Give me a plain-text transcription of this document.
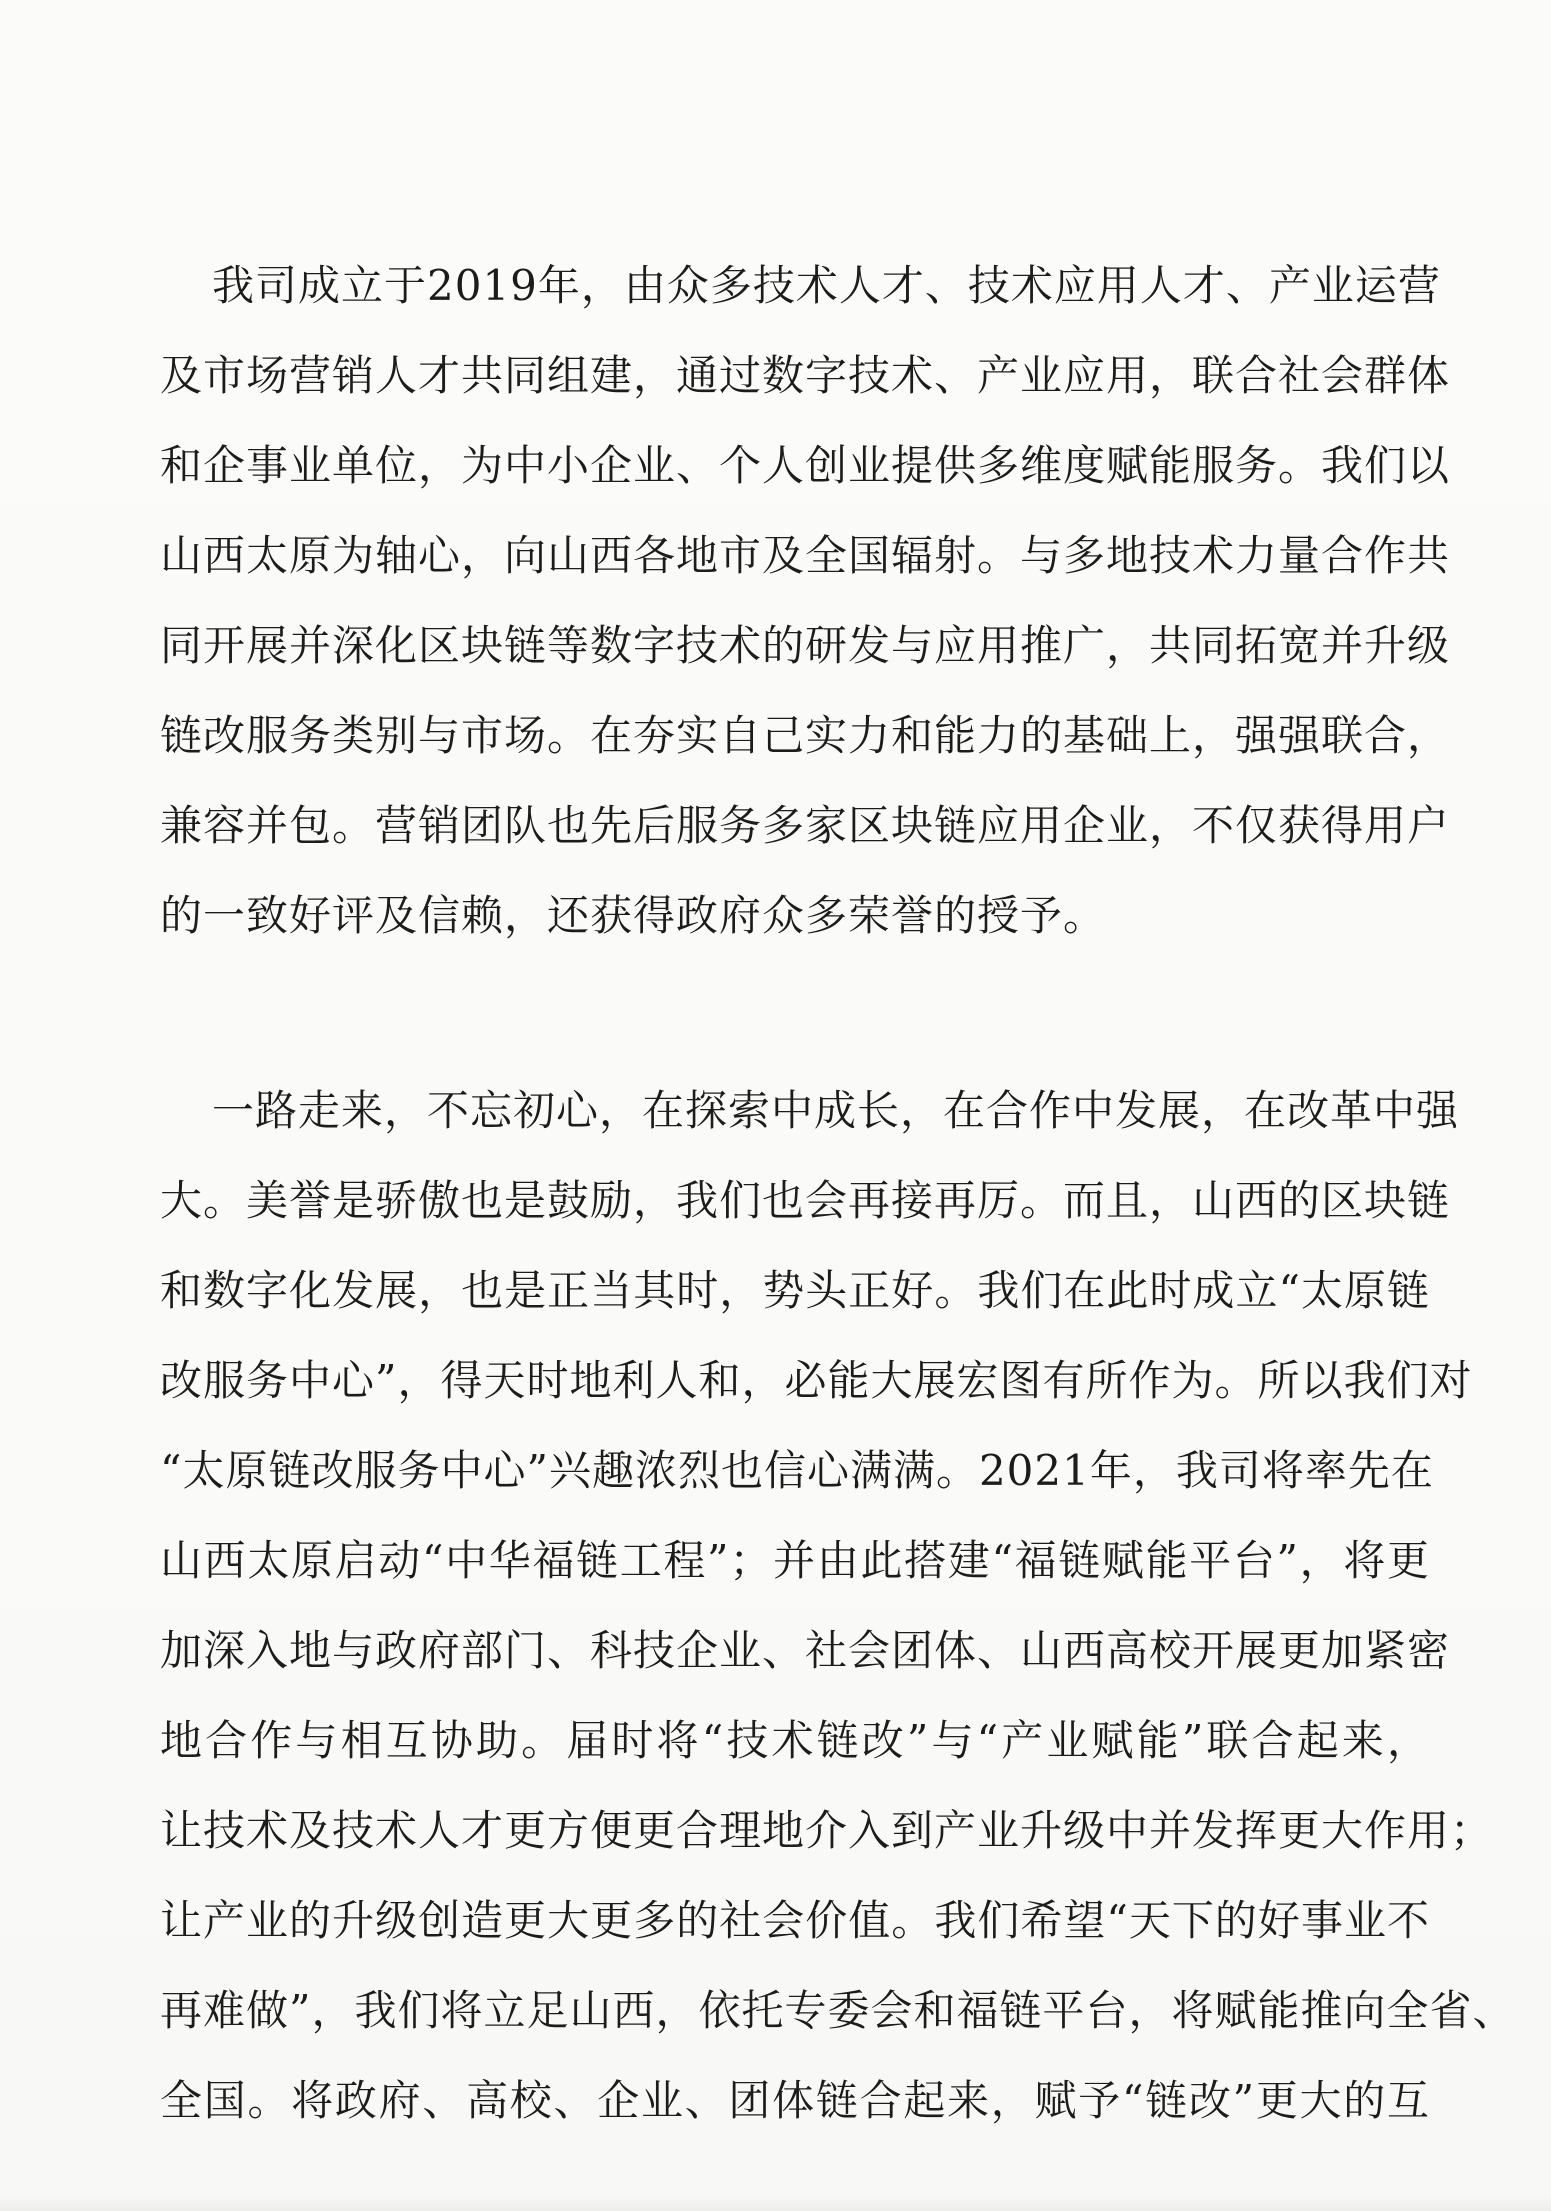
我司成立于2019年，由众多技术人才、技术应用人才、产业运营
及市场营销人才共同组建，通过数字技术、产业应用，联合社会群体
和企事业单位，为中小企业、个人创业提供多维度赋能服务。我们以
山西太原为轴心，向山西各地市及全国辐射。与多地技术力量合作共
同开展并深化区块链等数字技术的研发与应用推广，共同拓宽并升级
链改服务类别与市场。在夯实自己实力和能力的基础上，强强联合，
兼容并包。营销团队也先后服务多家区块链应用企业，不仅获得用户
的一致好评及信赖，还获得政府众多荣誉的授予。
一路走来，不忘初心，在探索中成长，在合作中发展，在改革中强
大。美誉是骄傲也是鼓励，我们也会再接再厉。而且，山西的区块链
和数字化发展，也是正当其时，势头正好。我们在此时成立“太原链
改服务中心”，得天时地利人和，必能大展宏图有所作为。所以我们对
“太原链改服务中心”兴趣浓烈也信心满满。2021年，我司将率先在
山西太原启动“中华福链工程”；并由此搭建“福链赋能平台”，将更
加深入地与政府部门、科技企业、社会团体、山西高校开展更加紧密
地合作与相互协助。届时将“技术链改”与“产业赋能”联合起来，
让技术及技术人才更方便更合理地介入到产业升级中并发挥更大作用；
让产业的升级创造更大更多的社会价值。我们希望“天下的好事业不
再难做”，我们将立足山西，依托专委会和福链平台，将赋能推向全省、
全国。将政府、高校、企业、团体链合起来，赋予“链改”更大的互
